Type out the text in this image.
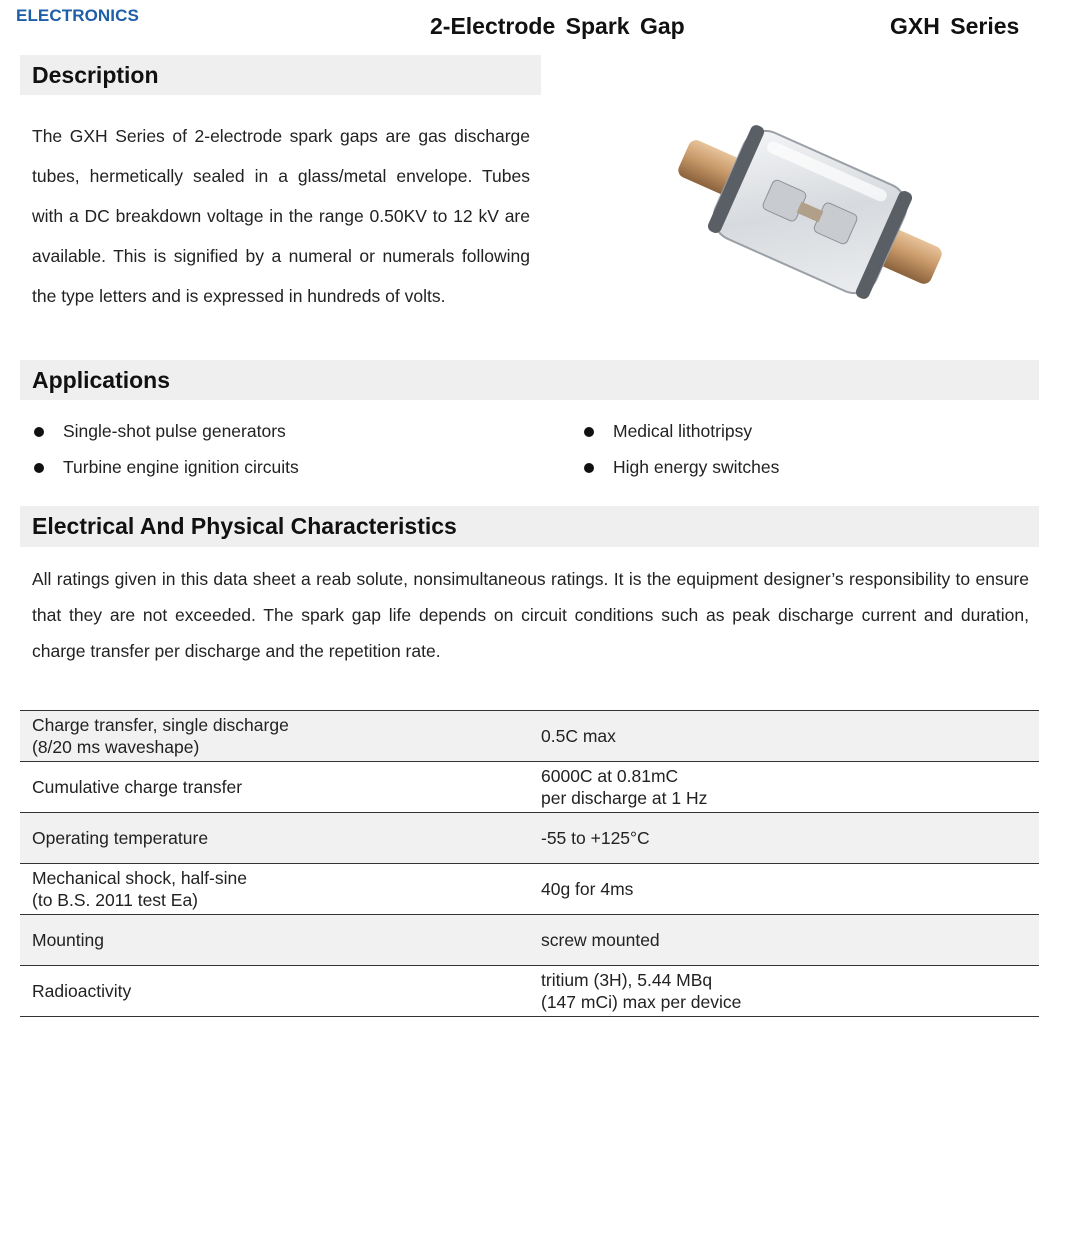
ELECTRONICS	2-Electrode Spark Gap	GXH Series
Description
The GXH Series of 2-electrode spark gaps are gas discharge tubes, hermetically sealed in a glass/metal envelope. Tubes with a DC breakdown voltage in the range 0.50KV to 12 kV are available. This is signified by a numeral or numerals following the type letters and is expressed in hundreds of volts.
Applications
Single-shot pulse generators
Turbine engine ignition circuits
Medical lithotripsy
High energy switches
Electrical And Physical Characteristics
All ratings given in this data sheet a reab solute, nonsimultaneous ratings. It is the equipment designer’s responsibility to ensure that they are not exceeded. The spark gap life depends on circuit conditions such as peak discharge current and duration, charge transfer per discharge and the repetition rate.
Charge transfer, single discharge
(8/20 ms waveshape)	0.5C max

Cumulative charge transfer	6000C at 0.81mC
per discharge at 1 Hz

Operating temperature	-55 to +125°C

Mechanical shock, half-sine
(to B.S. 2011 test Ea)	40g for 4ms

Mounting	screw mounted

Radioactivity	tritium (3H), 5.44 MBq
(147 mCi) max per device
